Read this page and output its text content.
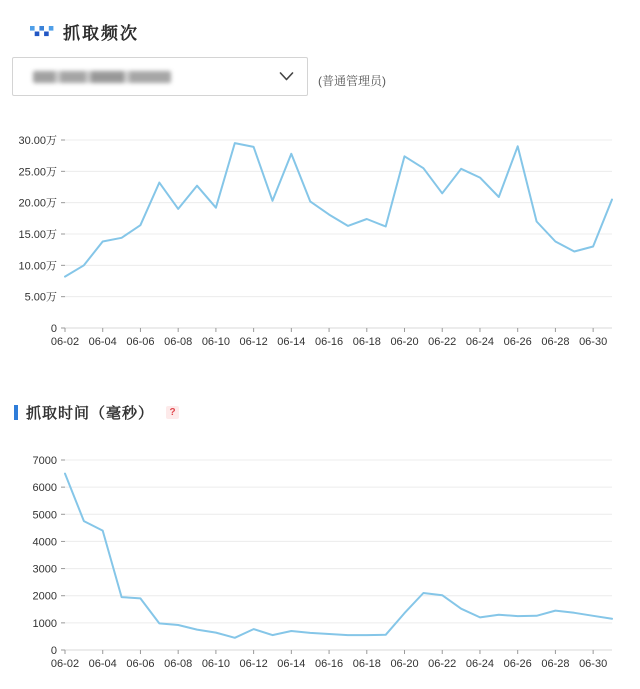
抓取频次
(普通管理员)
0
5.00万
10.00万
15.00万
20.00万
25.00万
30.00万
06-02 06-04 06-06 06-08 06-10 06-12 06-14 06-16 06-18 06-20 06-22 06-24 06-26 06-28 06-30
抓取时间（毫秒）	?
0
1000
2000
3000
4000
5000
6000
7000
06-02 06-04 06-06 06-08 06-10 06-12 06-14 06-16 06-18 06-20 06-22 06-24 06-26 06-28 06-30
